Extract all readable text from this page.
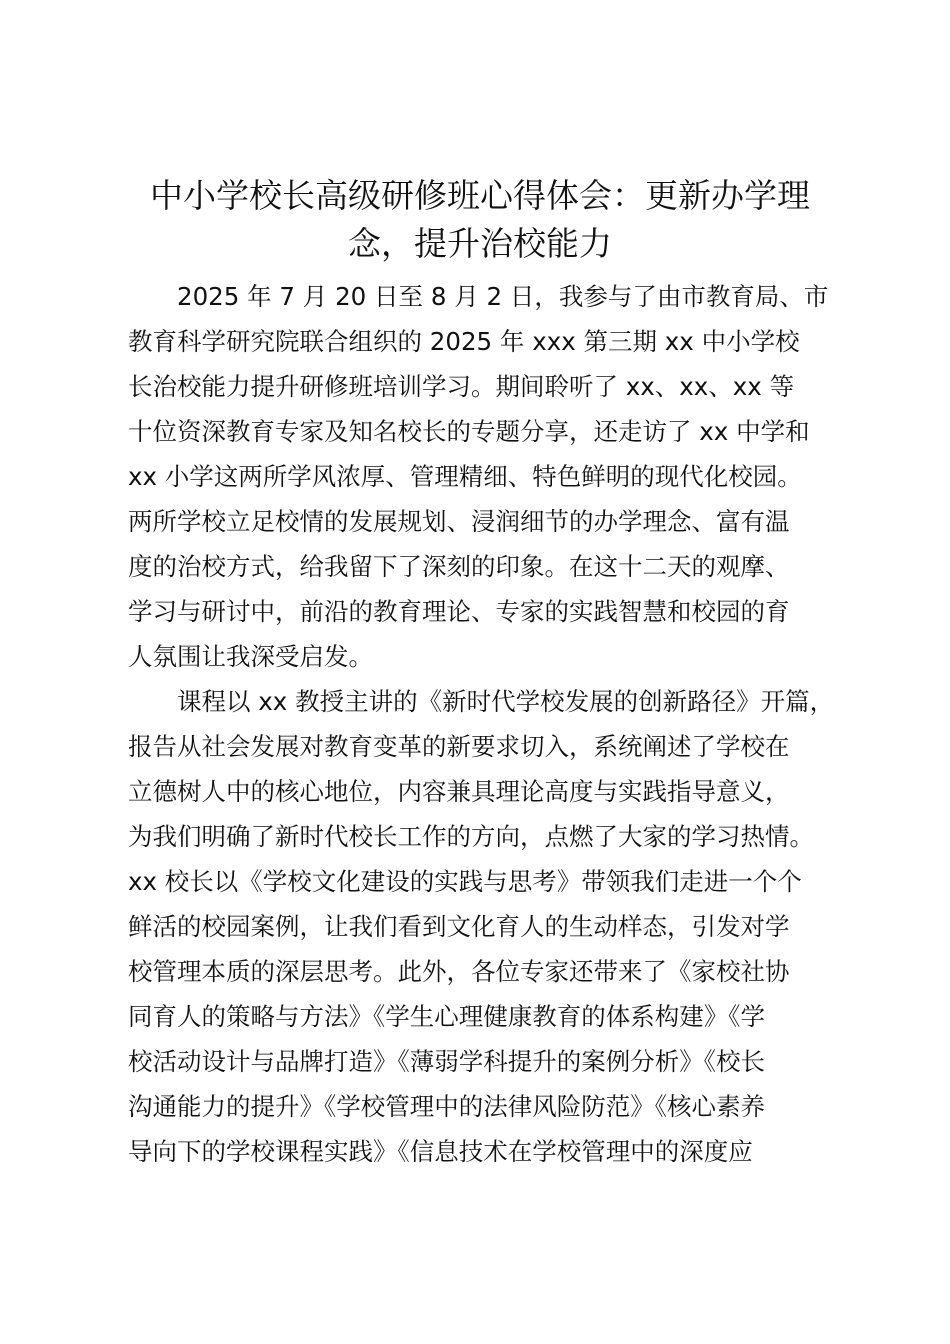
中小学校长高级研修班心得体会：更新办学理
念，提升治校能力

2025 年 7 月 20 日至 8 月 2 日，我参与了由市教育局、市

教育科学研究院联合组织的 2025 年 xxx 第三期 xx 中小学校

长治校能力提升研修班培训学习。期间聆听了 xx、xx、xx 等

十位资深教育专家及知名校长的专题分享，还走访了 xx 中学和

xx 小学这两所学风浓厚、管理精细、特色鲜明的现代化校园。

两所学校立足校情的发展规划、浸润细节的办学理念、富有温

度的治校方式，给我留下了深刻的印象。在这十二天的观摩、

学习与研讨中，前沿的教育理论、专家的实践智慧和校园的育

人氛围让我深受启发。

课程以 xx 教授主讲的《新时代学校发展的创新路径》开篇，

报告从社会发展对教育变革的新要求切入，系统阐述了学校在

立德树人中的核心地位，内容兼具理论高度与实践指导意义，

为我们明确了新时代校长工作的方向，点燃了大家的学习热情。

xx 校长以《学校文化建设的实践与思考》带领我们走进一个个

鲜活的校园案例，让我们看到文化育人的生动样态，引发对学

校管理本质的深层思考。此外，各位专家还带来了《家校社协

同育人的策略与方法》《学生心理健康教育的体系构建》《学

校活动设计与品牌打造》《薄弱学科提升的案例分析》《校长

沟通能力的提升》《学校管理中的法律风险防范》《核心素养

导向下的学校课程实践》《信息技术在学校管理中的深度应
